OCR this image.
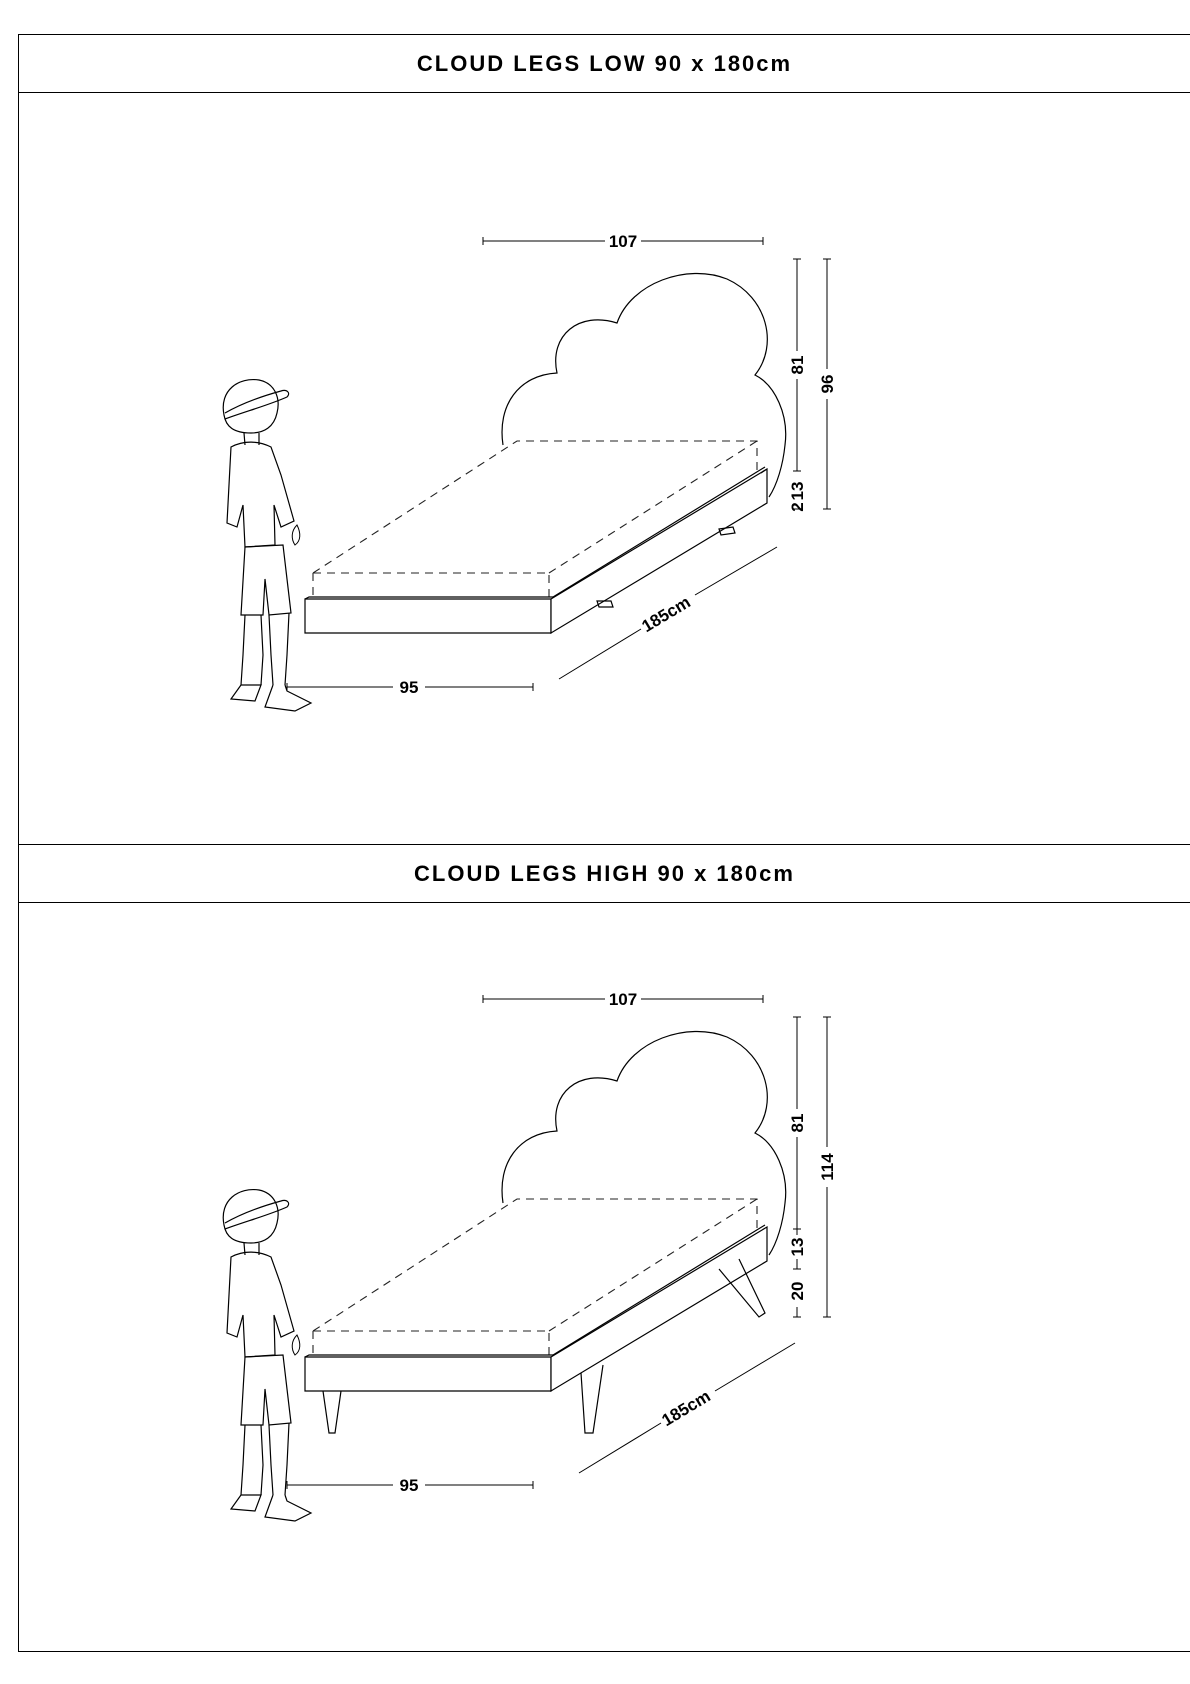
CLOUD LEGS LOW 90 x 180cm
107
81
13
2
96
185cm
95
CLOUD LEGS HIGH 90 x 180cm
107
81
13
20
114
185cm
95
